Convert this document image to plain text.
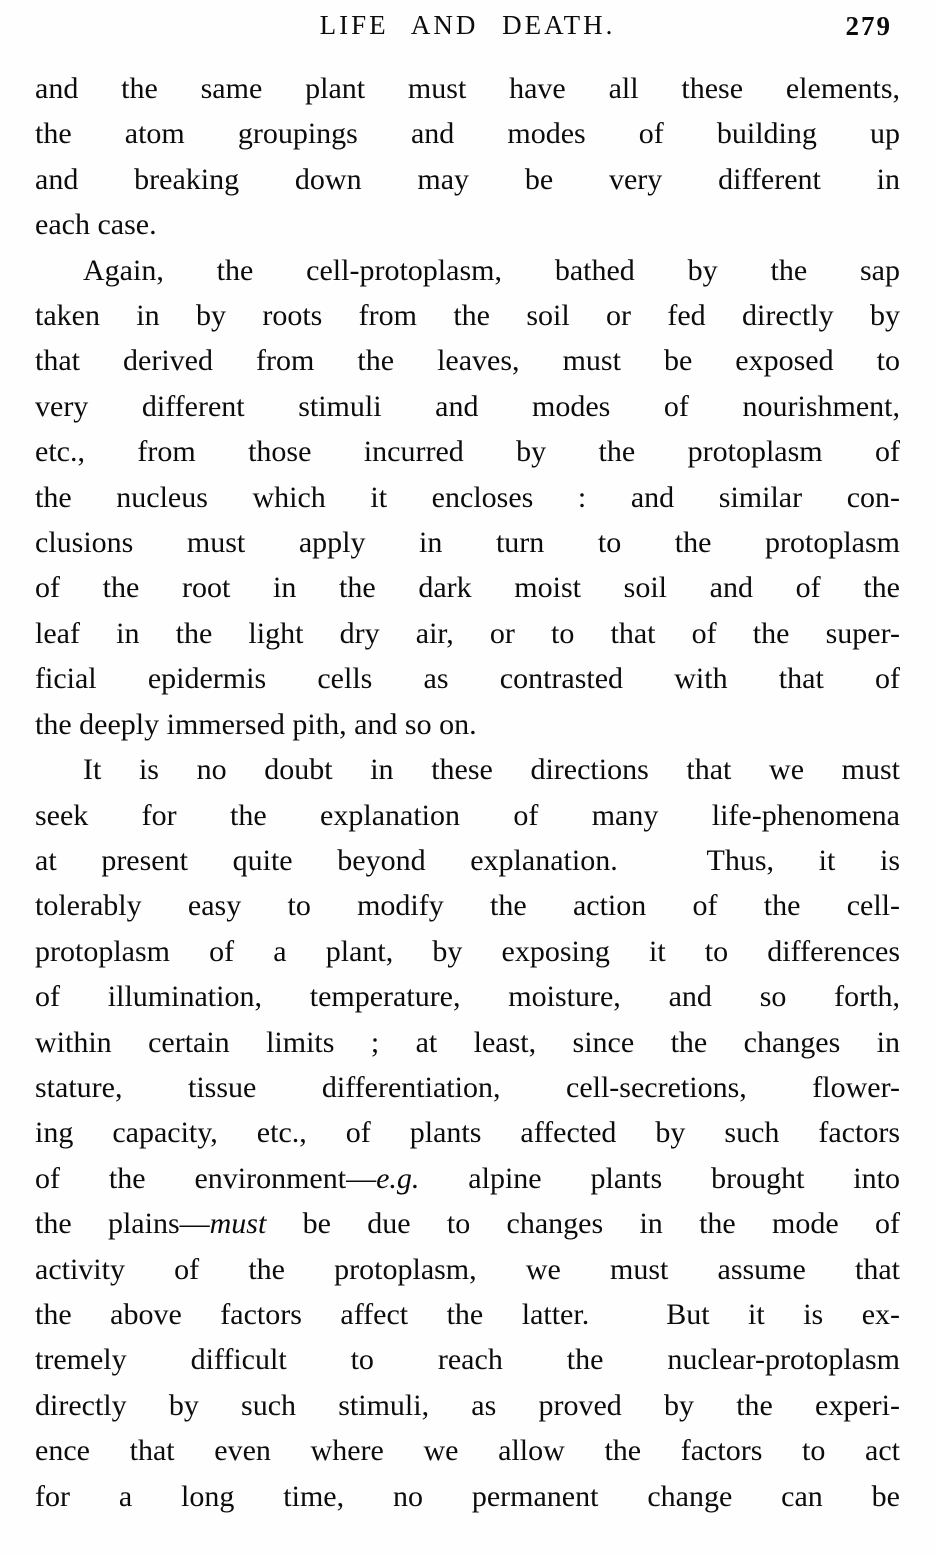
LIFE AND DEATH.	279
and the same plant must have all these elements,
the atom groupings and modes of building up
and breaking down may be very different in
each case.
Again, the cell-protoplasm, bathed by the sap
taken in by roots from the soil or fed directly by
that derived from the leaves, must be exposed to
very different stimuli and modes of nourishment,
etc., from those incurred by the protoplasm of
the nucleus which it encloses : and similar con-
clusions must apply in turn to the protoplasm
of the root in the dark moist soil and of the
leaf in the light dry air, or to that of the super-
ficial epidermis cells as contrasted with that of
the deeply immersed pith, and so on.
It is no doubt in these directions that we must
seek for the explanation of many life-phenomena
at present quite beyond explanation.  Thus, it is
tolerably easy to modify the action of the cell-
protoplasm of a plant, by exposing it to differences
of illumination, temperature, moisture, and so forth,
within certain limits ; at least, since the changes in
stature, tissue differentiation, cell-secretions, flower-
ing capacity, etc., of plants affected by such factors
of the environment—e.g. alpine plants brought into
the plains—must be due to changes in the mode of
activity of the protoplasm, we must assume that
the above factors affect the latter.  But it is ex-
tremely difficult to reach the nuclear-protoplasm
directly by such stimuli, as proved by the experi-
ence that even where we allow the factors to act
for a long time, no permanent change can be
